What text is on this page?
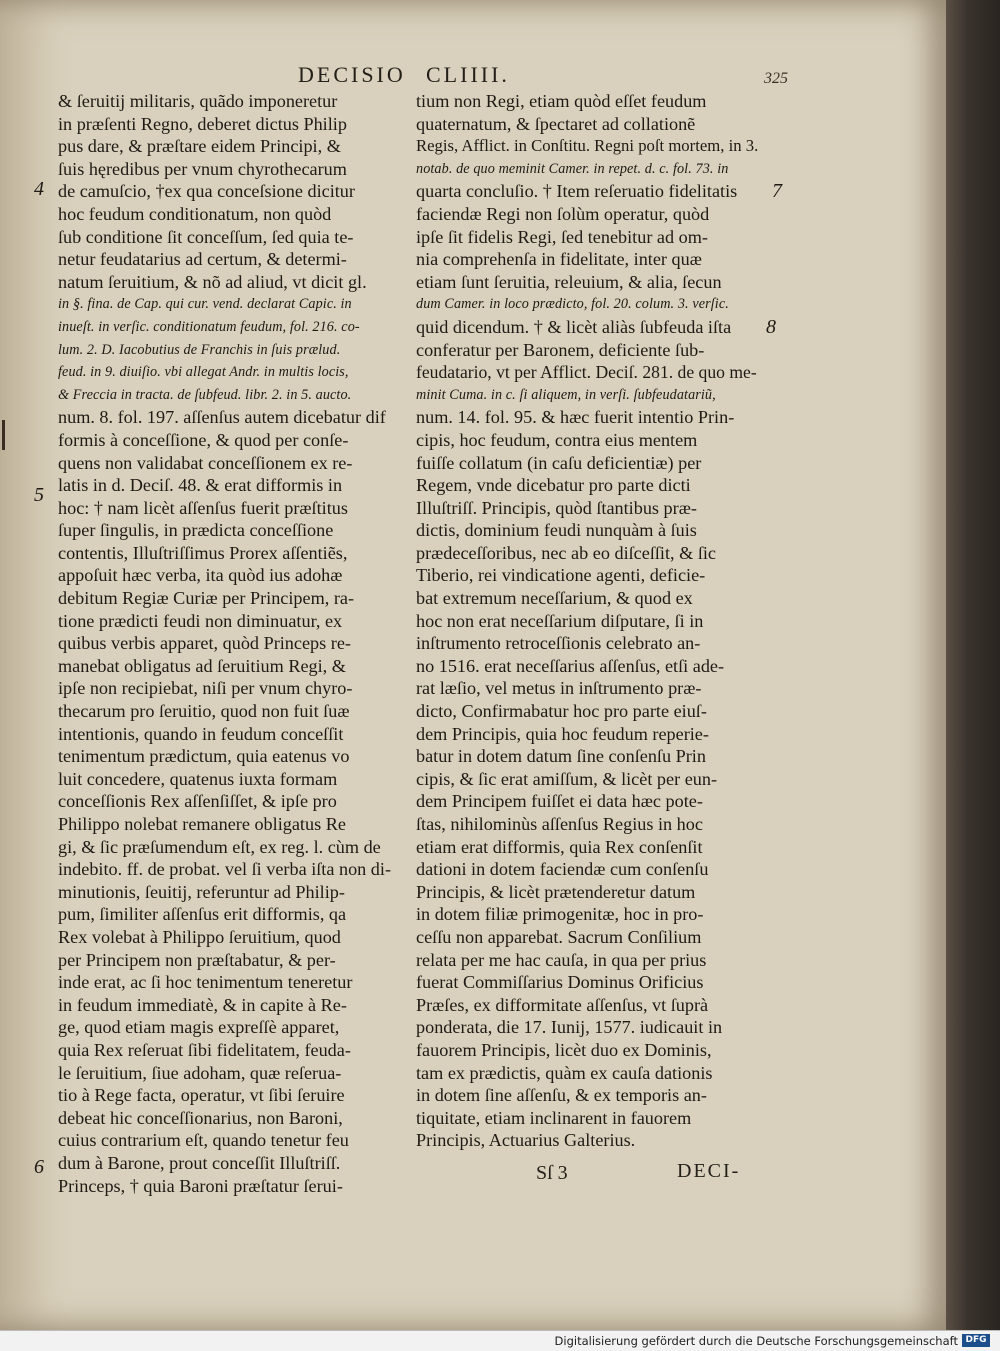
DECISIO CLIIII.	325
& ſeruitij militaris, quãdo imponeretur
in præſenti Regno, deberet dictus Philip
pus dare, & præſtare eidem Principi, &
ſuis hęredibus per vnum chyrothecarum
de camuſcio, †ex qua conceſsione dicitur
hoc feudum conditionatum, non quòd
ſub conditione ſit conceſſum, ſed quia te-
netur feudatarius ad certum, & determi-
natum ſeruitium, & nõ ad aliud, vt dicit gl.
in §. fina. de Cap. qui cur. vend. declarat Capic. in
inueſt. in verſic. conditionatum feudum, fol. 216. co-
lum. 2. D. Iacobutius de Franchis in ſuis prælud.
feud. in 9. diuiſio. vbi allegat Andr. in multis locis,
& Freccia in tracta. de ſubfeud. libr. 2. in 5. aucto.
num. 8. fol. 197. aſſenſus autem dicebatur dif
formis à conceſſione, & quod per conſe-
quens non validabat conceſſionem ex re-
latis in d. Deciſ. 48. & erat difformis in
hoc: † nam licèt aſſenſus fuerit præſtitus
ſuper ſingulis, in prædicta conceſſione
contentis, Illuſtriſſimus Prorex aſſentiẽs,
appoſuit hæc verba, ita quòd ius adohæ
debitum Regiæ Curiæ per Principem, ra-
tione prædicti feudi non diminuatur, ex
quibus verbis apparet, quòd Princeps re-
manebat obligatus ad ſeruitium Regi, &
ipſe non recipiebat, niſi per vnum chyro-
thecarum pro ſeruitio, quod non fuit ſuæ
intentionis, quando in feudum conceſſit
tenimentum prædictum, quia eatenus vo
luit concedere, quatenus iuxta formam
conceſſionis Rex aſſenſiſſet, & ipſe pro
Philippo nolebat remanere obligatus Re
gi, & ſic præſumendum eſt, ex reg. l. cùm de
indebito. ff. de probat. vel ſi verba iſta non di-
minutionis, ſeuitij, referuntur ad Philip-
pum, ſimiliter aſſenſus erit difformis, qa
Rex volebat à Philippo ſeruitium, quod
per Principem non præſtabatur, & per-
inde erat, ac ſi hoc tenimentum teneretur
in feudum immediatè, & in capite à Re-
ge, quod etiam magis expreſſè apparet,
quia Rex reſeruat ſibi fidelitatem, feuda-
le ſeruitium, ſiue adoham, quæ reſerua-
tio à Rege facta, operatur, vt ſibi ſeruire
debeat hic conceſſionarius, non Baroni,
cuius contrarium eſt, quando tenetur feu
dum à Barone, prout conceſſit Illuſtriſſ.
Princeps, † quia Baroni præſtatur ſerui-
tium non Regi, etiam quòd eſſet feudum
quaternatum, & ſpectaret ad collationẽ
Regis, Afflict. in Conſtitu. Regni poſt mortem, in 3.
notab. de quo meminit Camer. in repet. d. c. fol. 73. in
quarta concluſio. † Item reſeruatio fidelitatis
faciendæ Regi non ſolùm operatur, quòd
ipſe ſit fidelis Regi, ſed tenebitur ad om-
nia comprehenſa in fidelitate, inter quæ
etiam ſunt ſeruitia, releuium, & alia, ſecun
dum Camer. in loco prædicto, fol. 20. colum. 3. verſic.
quid dicendum. † & licèt aliàs ſubfeuda iſta
conferatur per Baronem, deficiente ſub-
feudatario, vt per Afflict. Deciſ. 281. de quo me-
minit Cuma. in c. ſi aliquem, in verſi. ſubfeudatariũ,
num. 14. fol. 95. & hæc fuerit intentio Prin-
cipis, hoc feudum, contra eius mentem
fuiſſe collatum (in caſu deficientiæ) per
Regem, vnde dicebatur pro parte dicti
Illuſtriſſ. Principis, quòd ſtantibus præ-
dictis, dominium feudi nunquàm à ſuis
prædeceſſoribus, nec ab eo diſceſſit, & ſic
Tiberio, rei vindicatione agenti, deficie-
bat extremum neceſſarium, & quod ex
hoc non erat neceſſarium diſputare, ſi in
inſtrumento retroceſſionis celebrato an-
no 1516. erat neceſſarius aſſenſus, etſi ade-
rat læſio, vel metus in inſtrumento præ-
dicto, Confirmabatur hoc pro parte eiuſ-
dem Principis, quia hoc feudum reperie-
batur in dotem datum ſine conſenſu Prin
cipis, & ſic erat amiſſum, & licèt per eun-
dem Principem fuiſſet ei data hæc pote-
ſtas, nihilominùs aſſenſus Regius in hoc
etiam erat difformis, quia Rex conſenſit
dationi in dotem faciendæ cum conſenſu
Principis, & licèt prætenderetur datum
in dotem filiæ primogenitæ, hoc in pro-
ceſſu non apparebat. Sacrum Conſilium
relata per me hac cauſa, in qua per prius
fuerat Commiſſarius Dominus Orificius
Præſes, ex difformitate aſſenſus, vt ſuprà
ponderata, die 17. Iunij, 1577. iudicauit in
fauorem Principis, licèt duo ex Dominis,
tam ex prædictis, quàm ex cauſa dationis
in dotem ſine aſſenſu, & ex temporis an-
tiquitate, etiam inclinarent in fauorem
Principis, Actuarius Galterius.
4
5
6
7
8
Sſ 3	DECI-
Digitalisierung gefördert durch die Deutsche Forschungsgemeinschaft DFG
